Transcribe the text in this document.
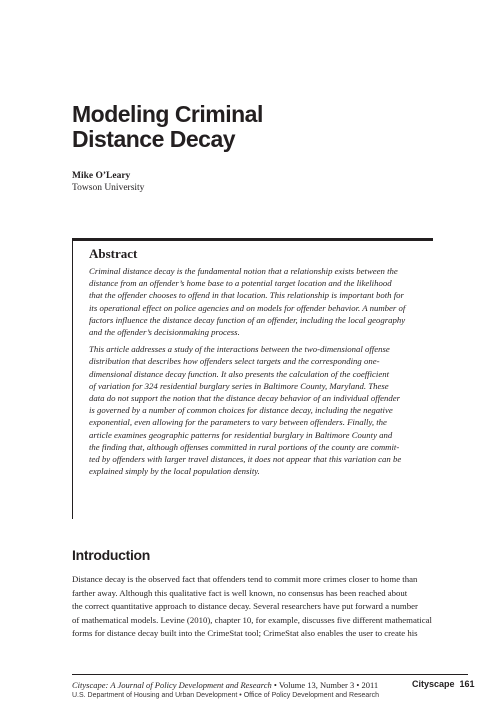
Modeling Criminal
Distance Decay
Mike O’Leary
Towson University
Abstract

Criminal distance decay is the fundamental notion that a relationship exists between the
distance from an offender’s home base to a potential target location and the likelihood
that the offender chooses to offend in that location. This relationship is important both for
its operational effect on police agencies and on models for offender behavior. A number of
factors influence the distance decay function of an offender, including the local geography
and the offender’s decisionmaking process.

This article addresses a study of the interactions between the two-dimensional offense
distribution that describes how offenders select targets and the corresponding one-
dimensional distance decay function. It also presents the calculation of the coefficient
of variation for 324 residential burglary series in Baltimore County, Maryland. These
data do not support the notion that the distance decay behavior of an individual offender
is governed by a number of common choices for distance decay, including the negative
exponential, even allowing for the parameters to vary between offenders. Finally, the
article examines geographic patterns for residential burglary in Baltimore County and
the finding that, although offenses committed in rural portions of the county are commit-
ted by offenders with larger travel distances, it does not appear that this variation can be
explained simply by the local population density.

Introduction

Distance decay is the observed fact that offenders tend to commit more crimes closer to home than
farther away. Although this qualitative fact is well known, no consensus has been reached about
the correct quantitative approach to distance decay. Several researchers have put forward a number
of mathematical models. Levine (2010), chapter 10, for example, discusses five different mathematical
forms for distance decay built into the CrimeStat tool; CrimeStat also enables the user to create his

Cityscape: A Journal of Policy Development and Research • Volume 13, Number 3 • 2011	Cityscape 161
U.S. Department of Housing and Urban Development • Office of Policy Development and Research
